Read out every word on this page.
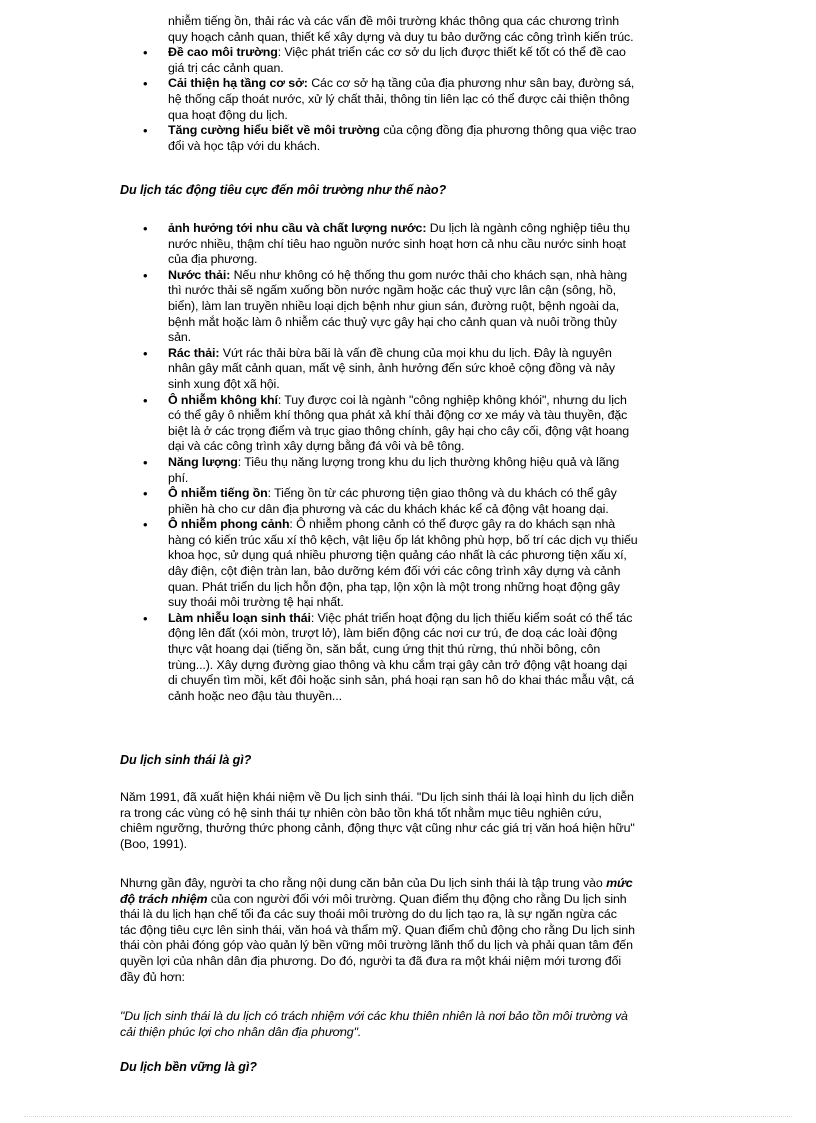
nhiễm tiếng ồn, thải rác và các vấn đề môi trường khác thông qua các chương trình
quy hoạch cảnh quan, thiết kế xây dựng và duy tu bảo dưỡng các công trình kiến trúc.
• Đề cao môi trường: Việc phát triển các cơ sở du lịch được thiết kế tốt có thể đề cao
giá trị các cảnh quan.
• Cải thiện hạ tầng cơ sở: Các cơ sở hạ tầng của địa phương như sân bay, đường sá,
hệ thống cấp thoát nước, xử lý chất thải, thông tin liên lạc có thể được cải thiện thông
qua hoạt động du lịch.
• Tăng cường hiểu biết về môi trường của cộng đồng địa phương thông qua việc trao
đổi và học tập với du khách.
Du lịch tác động tiêu cực đến môi trường như thế nào?
• ảnh hưởng tới nhu cầu và chất lượng nước: Du lịch là ngành công nghiệp tiêu thụ
nước nhiều, thậm chí tiêu hao nguồn nước sinh hoạt hơn cả nhu cầu nước sinh hoạt
của địa phương.
• Nước thải: Nếu như không có hệ thống thu gom nước thải cho khách sạn, nhà hàng
thì nước thải sẽ ngấm xuống bồn nước ngầm hoặc các thuỷ vực lân cận (sông, hồ,
biển), làm lan truyền nhiều loại dịch bệnh như giun sán, đường ruột, bệnh ngoài da,
bệnh mắt hoặc làm ô nhiễm các thuỷ vực gây hại cho cảnh quan và nuôi trồng thủy
sản.
• Rác thải: Vứt rác thải bừa bãi là vấn đề chung của mọi khu du lịch. Đây là nguyên
nhân gây mất cảnh quan, mất vệ sinh, ảnh hưởng đến sức khoẻ cộng đồng và nảy
sinh xung đột xã hội.
• Ô nhiễm không khí: Tuy được coi là ngành "công nghiệp không khói", nhưng du lịch
có thể gây ô nhiễm khí thông qua phát xả khí thải động cơ xe máy và tàu thuyền, đặc
biệt là ở các trọng điểm và trục giao thông chính, gây hại cho cây cối, động vật hoang
dại và các công trình xây dựng bằng đá vôi và bê tông.
• Năng lượng: Tiêu thụ năng lượng trong khu du lịch thường không hiệu quả và lãng
phí.
• Ô nhiễm tiếng ồn: Tiếng ồn từ các phương tiện giao thông và du khách có thể gây
phiền hà cho cư dân địa phương và các du khách khác kể cả động vật hoang dại.
• Ô nhiễm phong cảnh: Ô nhiễm phong cảnh có thể được gây ra do khách sạn nhà
hàng có kiến trúc xấu xí thô kệch, vật liệu ốp lát không phù hợp, bố trí các dịch vụ thiếu
khoa học, sử dụng quá nhiều phương tiện quảng cáo nhất là các phương tiện xấu xí,
dây điện, cột điện tràn lan, bảo dưỡng kém đối với các công trình xây dựng và cảnh
quan. Phát triển du lịch hỗn độn, pha tạp, lộn xộn là một trong những hoạt động gây
suy thoái môi trường tệ hại nhất.
• Làm nhiễu loạn sinh thái: Việc phát triển hoạt động du lịch thiếu kiểm soát có thể tác
động lên đất (xói mòn, trượt lở), làm biến động các nơi cư trú, đe doạ các loài động
thực vật hoang dại (tiếng ồn, săn bắt, cung ứng thịt thú rừng, thú nhồi bông, côn
trùng...). Xây dựng đường giao thông và khu cắm trại gây cản trở động vật hoang dại
di chuyển tìm mồi, kết đôi hoặc sinh sản, phá hoại rạn san hô do khai thác mẫu vật, cá
cảnh hoặc neo đậu tàu thuyền...
Du lịch sinh thái là gì?
Năm 1991, đã xuất hiện khái niệm về Du lịch sinh thái. "Du lịch sinh thái là loại hình du lịch diễn
ra trong các vùng có hệ sinh thái tự nhiên còn bảo tồn khá tốt nhằm mục tiêu nghiên cứu,
chiêm ngưỡng, thưởng thức phong cảnh, động thực vật cũng như các giá trị văn hoá hiện hữu"
(Boo, 1991).
Nhưng gần đây, người ta cho rằng nội dung căn bản của Du lịch sinh thái là tập trung vào mức
độ trách nhiệm của con người đối với môi trường. Quan điểm thụ động cho rằng Du lịch sinh
thái là du lịch hạn chế tối đa các suy thoái môi trường do du lịch tạo ra, là sự ngăn ngừa các
tác động tiêu cực lên sinh thái, văn hoá và thẩm mỹ. Quan điểm chủ động cho rằng Du lịch sinh
thái còn phải đóng góp vào quản lý bền vững môi trường lãnh thổ du lịch và phải quan tâm đến
quyền lợi của nhân dân địa phương. Do đó, người ta đã đưa ra một khái niệm mới tương đối
đầy đủ hơn:
"Du lịch sinh thái là du lịch có trách nhiệm với các khu thiên nhiên là nơi bảo tồn môi trường và
cải thiện phúc lợi cho nhân dân địa phương".
Du lịch bền vững là gì?
